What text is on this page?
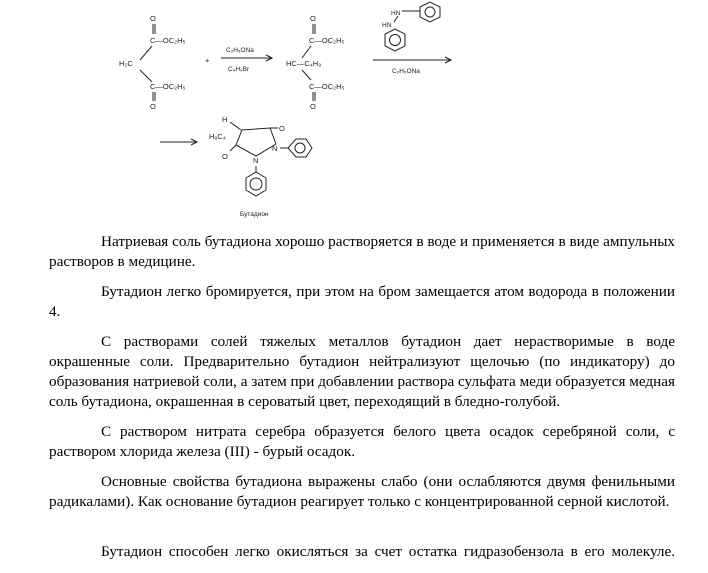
O
C—OC₂H₅
H₂C
C—OC₂H₅
O
+
C₂H₅ONa
C₄H₉Br
O
C—OC₂H₅
HC—C₄H₉
C—OC₂H₅
O
HN
HN
C₂H₅ONa
H
H₉C₄
O
O
N
N
Бутадион

Натриевая соль бутадиона хорошо растворяется в воде и применяется в виде ампульных растворов в медицине.

Бутадион легко бромируется, при этом на бром замещается атом водорода в положении 4.

С растворами солей тяжелых металлов бутадион дает нерастворимые в воде окрашенные соли. Предварительно бутадион нейтрализуют щелочью (по индикатору) до образования натриевой соли, а затем при добавлении раствора сульфата меди образуется медная соль бутадиона, окрашенная в сероватый цвет, переходящий в бледно-голубой.

С раствором нитрата серебра образуется белого цвета осадок серебряной соли, с раствором хлорида железа (III) - бурый осадок.

Основные свойства бутадиона выражены слабо (они ослабляются двумя фенильными радикалами). Как основание бутадион реагирует только с концентрированной серной кислотой.

Бутадион способен легко окисляться за счет остатка гидразобензола в его молекуле.
